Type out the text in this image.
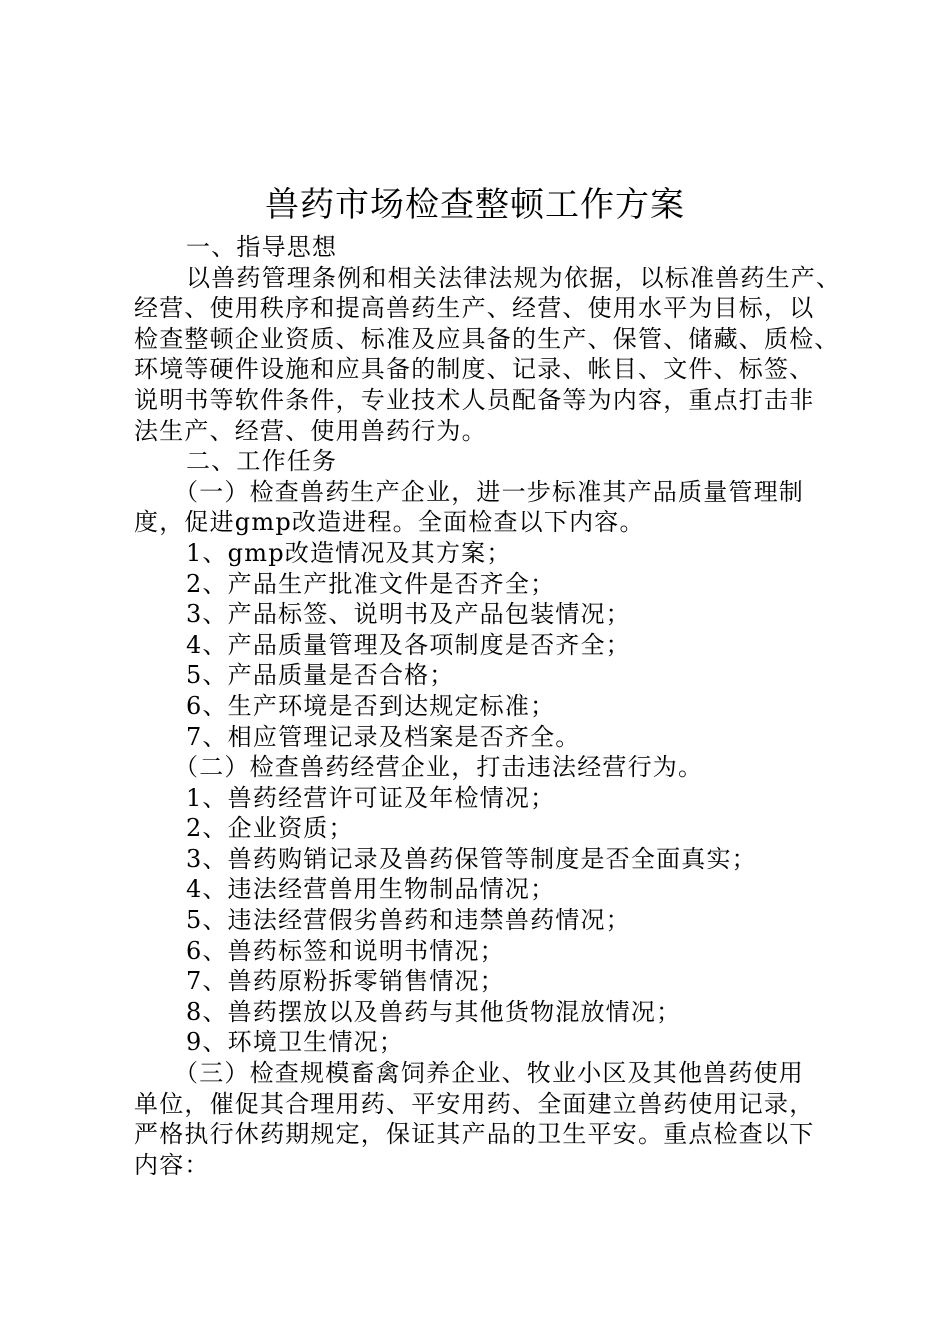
兽药市场检查整顿工作方案
一、指导思想
以兽药管理条例和相关法律法规为依据，以标准兽药生产、
经营、使用秩序和提高兽药生产、经营、使用水平为目标，以
检查整顿企业资质、标准及应具备的生产、保管、储藏、质检、
环境等硬件设施和应具备的制度、记录、帐目、文件、标签、
说明书等软件条件，专业技术人员配备等为内容，重点打击非
法生产、经营、使用兽药行为。
二、工作任务
（一）检查兽药生产企业，进一步标准其产品质量管理制
度，促进gmp改造进程。全面检查以下内容。
1、gmp改造情况及其方案；
2、产品生产批准文件是否齐全；
3、产品标签、说明书及产品包装情况；
4、产品质量管理及各项制度是否齐全；
5、产品质量是否合格；
6、生产环境是否到达规定标准；
7、相应管理记录及档案是否齐全。
（二）检查兽药经营企业，打击违法经营行为。
1、兽药经营许可证及年检情况；
2、企业资质；
3、兽药购销记录及兽药保管等制度是否全面真实；
4、违法经营兽用生物制品情况；
5、违法经营假劣兽药和违禁兽药情况；
6、兽药标签和说明书情况；
7、兽药原粉拆零销售情况；
8、兽药摆放以及兽药与其他货物混放情况；
9、环境卫生情况；
（三）检查规模畜禽饲养企业、牧业小区及其他兽药使用
单位，催促其合理用药、平安用药、全面建立兽药使用记录，
严格执行休药期规定，保证其产品的卫生平安。重点检查以下
内容：
